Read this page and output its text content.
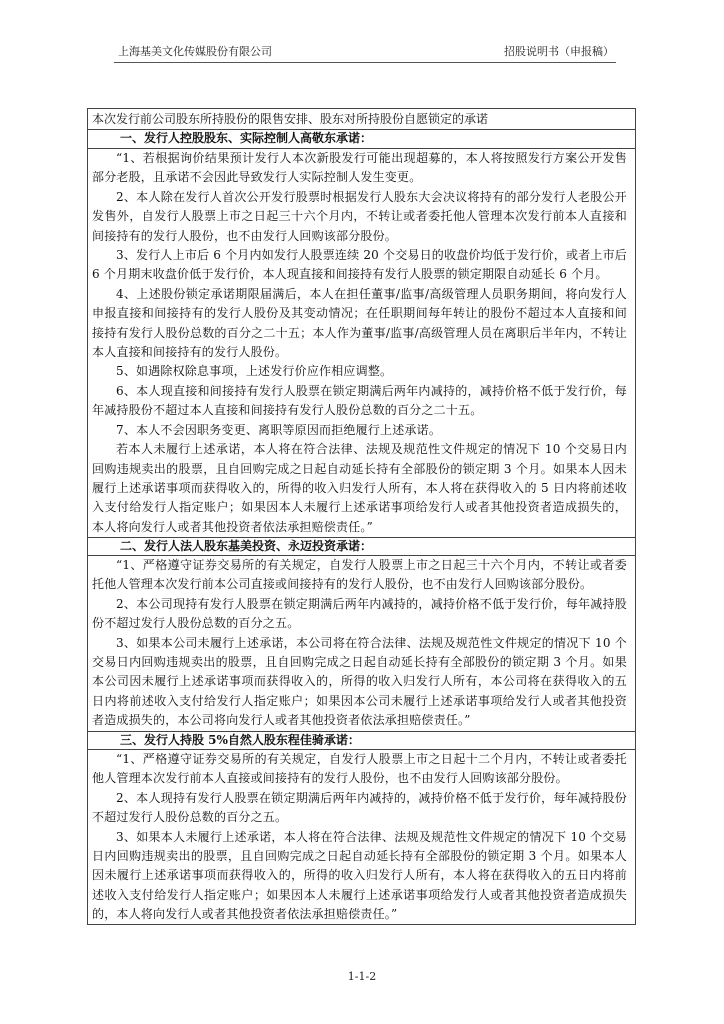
上海基美文化传媒股份有限公司	招股说明书（申报稿）
本次发行前公司股东所持股份的限售安排、股东对所持股份自愿锁定的承诺
一、发行人控股股东、实际控制人高敬东承诺：

“1、若根据询价结果预计发行人本次新股发行可能出现超募的，本人将按照发行方案公开发售部分老股，且承诺不会因此导致发行人实际控制人发生变更。

2、本人除在发行人首次公开发行股票时根据发行人股东大会决议将持有的部分发行人老股公开发售外，自发行人股票上市之日起三十六个月内，不转让或者委托他人管理本次发行前本人直接和间接持有的发行人股份，也不由发行人回购该部分股份。

3、发行人上市后 6 个月内如发行人股票连续 20 个交易日的收盘价均低于发行价，或者上市后 6 个月期末收盘价低于发行价，本人现直接和间接持有发行人股票的锁定期限自动延长 6 个月。

4、上述股份锁定承诺期限届满后，本人在担任董事/监事/高级管理人员职务期间，将向发行人申报直接和间接持有的发行人股份及其变动情况；在任职期间每年转让的股份不超过本人直接和间接持有发行人股份总数的百分之二十五；本人作为董事/监事/高级管理人员在离职后半年内，不转让本人直接和间接持有的发行人股份。

5、如遇除权除息事项，上述发行价应作相应调整。

6、本人现直接和间接持有发行人股票在锁定期满后两年内减持的，减持价格不低于发行价，每年减持股份不超过本人直接和间接持有发行人股份总数的百分之二十五。

7、本人不会因职务变更、离职等原因而拒绝履行上述承诺。

若本人未履行上述承诺，本人将在符合法律、法规及规范性文件规定的情况下 10 个交易日内回购违规卖出的股票，且自回购完成之日起自动延长持有全部股份的锁定期 3 个月。如果本人因未履行上述承诺事项而获得收入的，所得的收入归发行人所有，本人将在获得收入的 5 日内将前述收入支付给发行人指定账户；如果因本人未履行上述承诺事项给发行人或者其他投资者造成损失的，本人将向发行人或者其他投资者依法承担赔偿责任。”

二、发行人法人股东基美投资、永迈投资承诺：

“1、严格遵守证券交易所的有关规定，自发行人股票上市之日起三十六个月内，不转让或者委托他人管理本次发行前本公司直接或间接持有的发行人股份，也不由发行人回购该部分股份。

2、本公司现持有发行人股票在锁定期满后两年内减持的，减持价格不低于发行价，每年减持股份不超过发行人股份总数的百分之五。

3、如果本公司未履行上述承诺，本公司将在符合法律、法规及规范性文件规定的情况下 10 个交易日内回购违规卖出的股票，且自回购完成之日起自动延长持有全部股份的锁定期 3 个月。如果本公司因未履行上述承诺事项而获得收入的，所得的收入归发行人所有，本公司将在获得收入的五日内将前述收入支付给发行人指定账户；如果因本公司未履行上述承诺事项给发行人或者其他投资者造成损失的，本公司将向发行人或者其他投资者依法承担赔偿责任。”

三、发行人持股 5%自然人股东程佳骑承诺：

“1、严格遵守证券交易所的有关规定，自发行人股票上市之日起十二个月内，不转让或者委托他人管理本次发行前本人直接或间接持有的发行人股份，也不由发行人回购该部分股份。

2、本人现持有发行人股票在锁定期满后两年内减持的，减持价格不低于发行价，每年减持股份不超过发行人股份总数的百分之五。

3、如果本人未履行上述承诺，本人将在符合法律、法规及规范性文件规定的情况下 10 个交易日内回购违规卖出的股票，且自回购完成之日起自动延长持有全部股份的锁定期 3 个月。如果本人因未履行上述承诺事项而获得收入的，所得的收入归发行人所有，本人将在获得收入的五日内将前述收入支付给发行人指定账户；如果因本人未履行上述承诺事项给发行人或者其他投资者造成损失的，本人将向发行人或者其他投资者依法承担赔偿责任。”

1-1-2
